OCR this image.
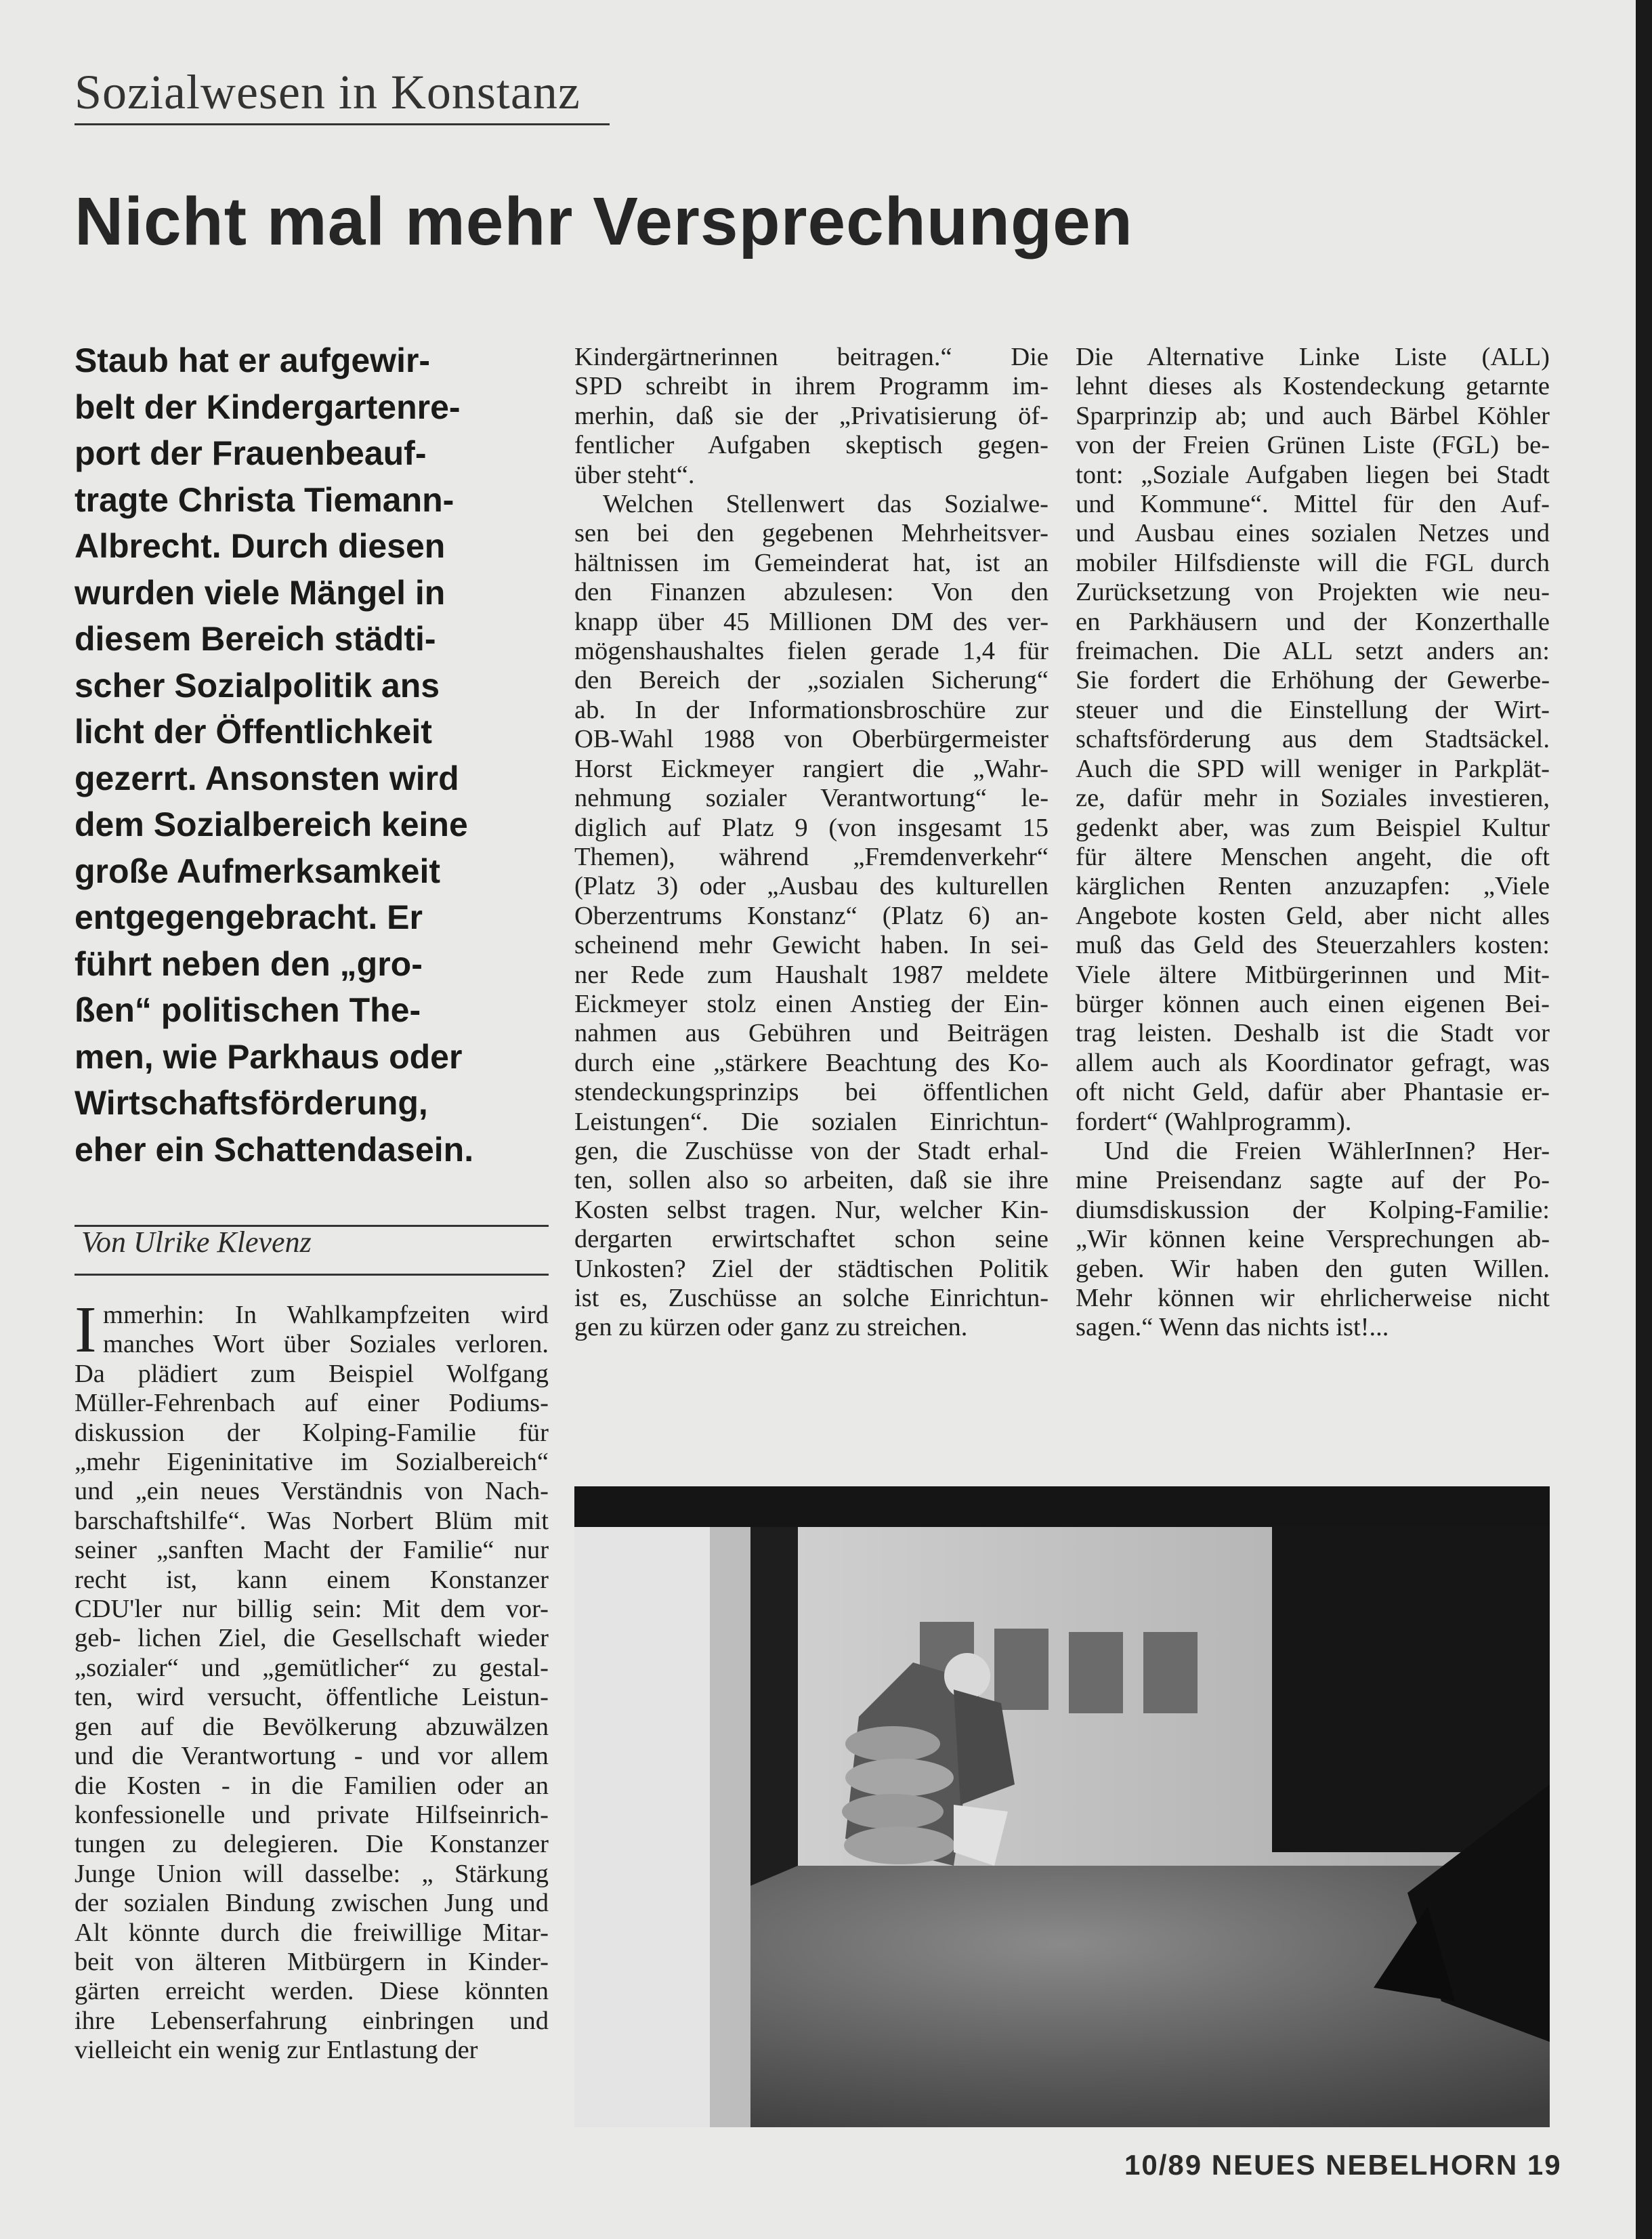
Sozialwesen in Konstanz
Nicht mal mehr Versprechungen
Staub hat er aufgewir-
belt der Kindergartenre-
port der Frauenbeauf-
tragte Christa Tiemann-
Albrecht. Durch diesen
wurden viele Mängel in
diesem Bereich städti-
scher Sozialpolitik ans
licht der Öffentlichkeit
gezerrt. Ansonsten wird
dem Sozialbereich keine
große Aufmerksamkeit
entgegengebracht. Er
führt neben den „gro-
ßen“ politischen The-
men, wie Parkhaus oder
Wirtschaftsförderung,
eher ein Schattendasein.
Von Ulrike Klevenz
I mmerhin: In Wahlkampfzeiten wird
manches Wort über Soziales verloren.
Da plädiert zum Beispiel Wolfgang
Müller-Fehrenbach auf einer Podiums-
diskussion der Kolping-Familie für
„mehr Eigeninitative im Sozialbereich“
und „ein neues Verständnis von Nach-
barschaftshilfe“. Was Norbert Blüm mit
seiner „sanften Macht der Familie“ nur
recht ist, kann einem Konstanzer
CDU'ler nur billig sein: Mit dem vor-
geb- lichen Ziel, die Gesellschaft wieder
„sozialer“ und „gemütlicher“ zu gestal-
ten, wird versucht, öffentliche Leistun-
gen auf die Bevölkerung abzuwälzen
und die Verantwortung - und vor allem
die Kosten - in die Familien oder an
konfessionelle und private Hilfseinrich-
tungen zu delegieren. Die Konstanzer
Junge Union will dasselbe: „ Stärkung
der sozialen Bindung zwischen Jung und
Alt könnte durch die freiwillige Mitar-
beit von älteren Mitbürgern in Kinder-
gärten erreicht werden. Diese könnten
ihre Lebenserfahrung einbringen und
vielleicht ein wenig zur Entlastung der
Kindergärtnerinnen beitragen.“ Die
SPD schreibt in ihrem Programm im-
merhin, daß sie der „Privatisierung öf-
fentlicher Aufgaben skeptisch gegen-
über steht“.
Welchen Stellenwert das Sozialwe-
sen bei den gegebenen Mehrheitsver-
hältnissen im Gemeinderat hat, ist an
den Finanzen abzulesen: Von den
knapp über 45 Millionen DM des ver-
mögenshaushaltes fielen gerade 1,4 für
den Bereich der „sozialen Sicherung“
ab. In der Informationsbroschüre zur
OB-Wahl 1988 von Oberbürgermeister
Horst Eickmeyer rangiert die „Wahr-
nehmung sozialer Verantwortung“ le-
diglich auf Platz 9 (von insgesamt 15
Themen), während „Fremdenverkehr“
(Platz 3) oder „Ausbau des kulturellen
Oberzentrums Konstanz“ (Platz 6) an-
scheinend mehr Gewicht haben. In sei-
ner Rede zum Haushalt 1987 meldete
Eickmeyer stolz einen Anstieg der Ein-
nahmen aus Gebühren und Beiträgen
durch eine „stärkere Beachtung des Ko-
stendeckungsprinzips bei öffentlichen
Leistungen“. Die sozialen Einrichtun-
gen, die Zuschüsse von der Stadt erhal-
ten, sollen also so arbeiten, daß sie ihre
Kosten selbst tragen. Nur, welcher Kin-
dergarten erwirtschaftet schon seine
Unkosten? Ziel der städtischen Politik
ist es, Zuschüsse an solche Einrichtun-
gen zu kürzen oder ganz zu streichen.
Die Alternative Linke Liste (ALL)
lehnt dieses als Kostendeckung getarnte
Sparprinzip ab; und auch Bärbel Köhler
von der Freien Grünen Liste (FGL) be-
tont: „Soziale Aufgaben liegen bei Stadt
und Kommune“. Mittel für den Auf-
und Ausbau eines sozialen Netzes und
mobiler Hilfsdienste will die FGL durch
Zurücksetzung von Projekten wie neu-
en Parkhäusern und der Konzerthalle
freimachen. Die ALL setzt anders an:
Sie fordert die Erhöhung der Gewerbe-
steuer und die Einstellung der Wirt-
schaftsförderung aus dem Stadtsäckel.
Auch die SPD will weniger in Parkplät-
ze, dafür mehr in Soziales investieren,
gedenkt aber, was zum Beispiel Kultur
für ältere Menschen angeht, die oft
kärglichen Renten anzuzapfen: „Viele
Angebote kosten Geld, aber nicht alles
muß das Geld des Steuerzahlers kosten:
Viele ältere Mitbürgerinnen und Mit-
bürger können auch einen eigenen Bei-
trag leisten. Deshalb ist die Stadt vor
allem auch als Koordinator gefragt, was
oft nicht Geld, dafür aber Phantasie er-
fordert“ (Wahlprogramm).
Und die Freien WählerInnen? Her-
mine Preisendanz sagte auf der Po-
diumsdiskussion der Kolping-Familie:
„Wir können keine Versprechungen ab-
geben. Wir haben den guten Willen.
Mehr können wir ehrlicherweise nicht
sagen.“ Wenn das nichts ist!...
10/89 NEUES NEBELHORN 19
